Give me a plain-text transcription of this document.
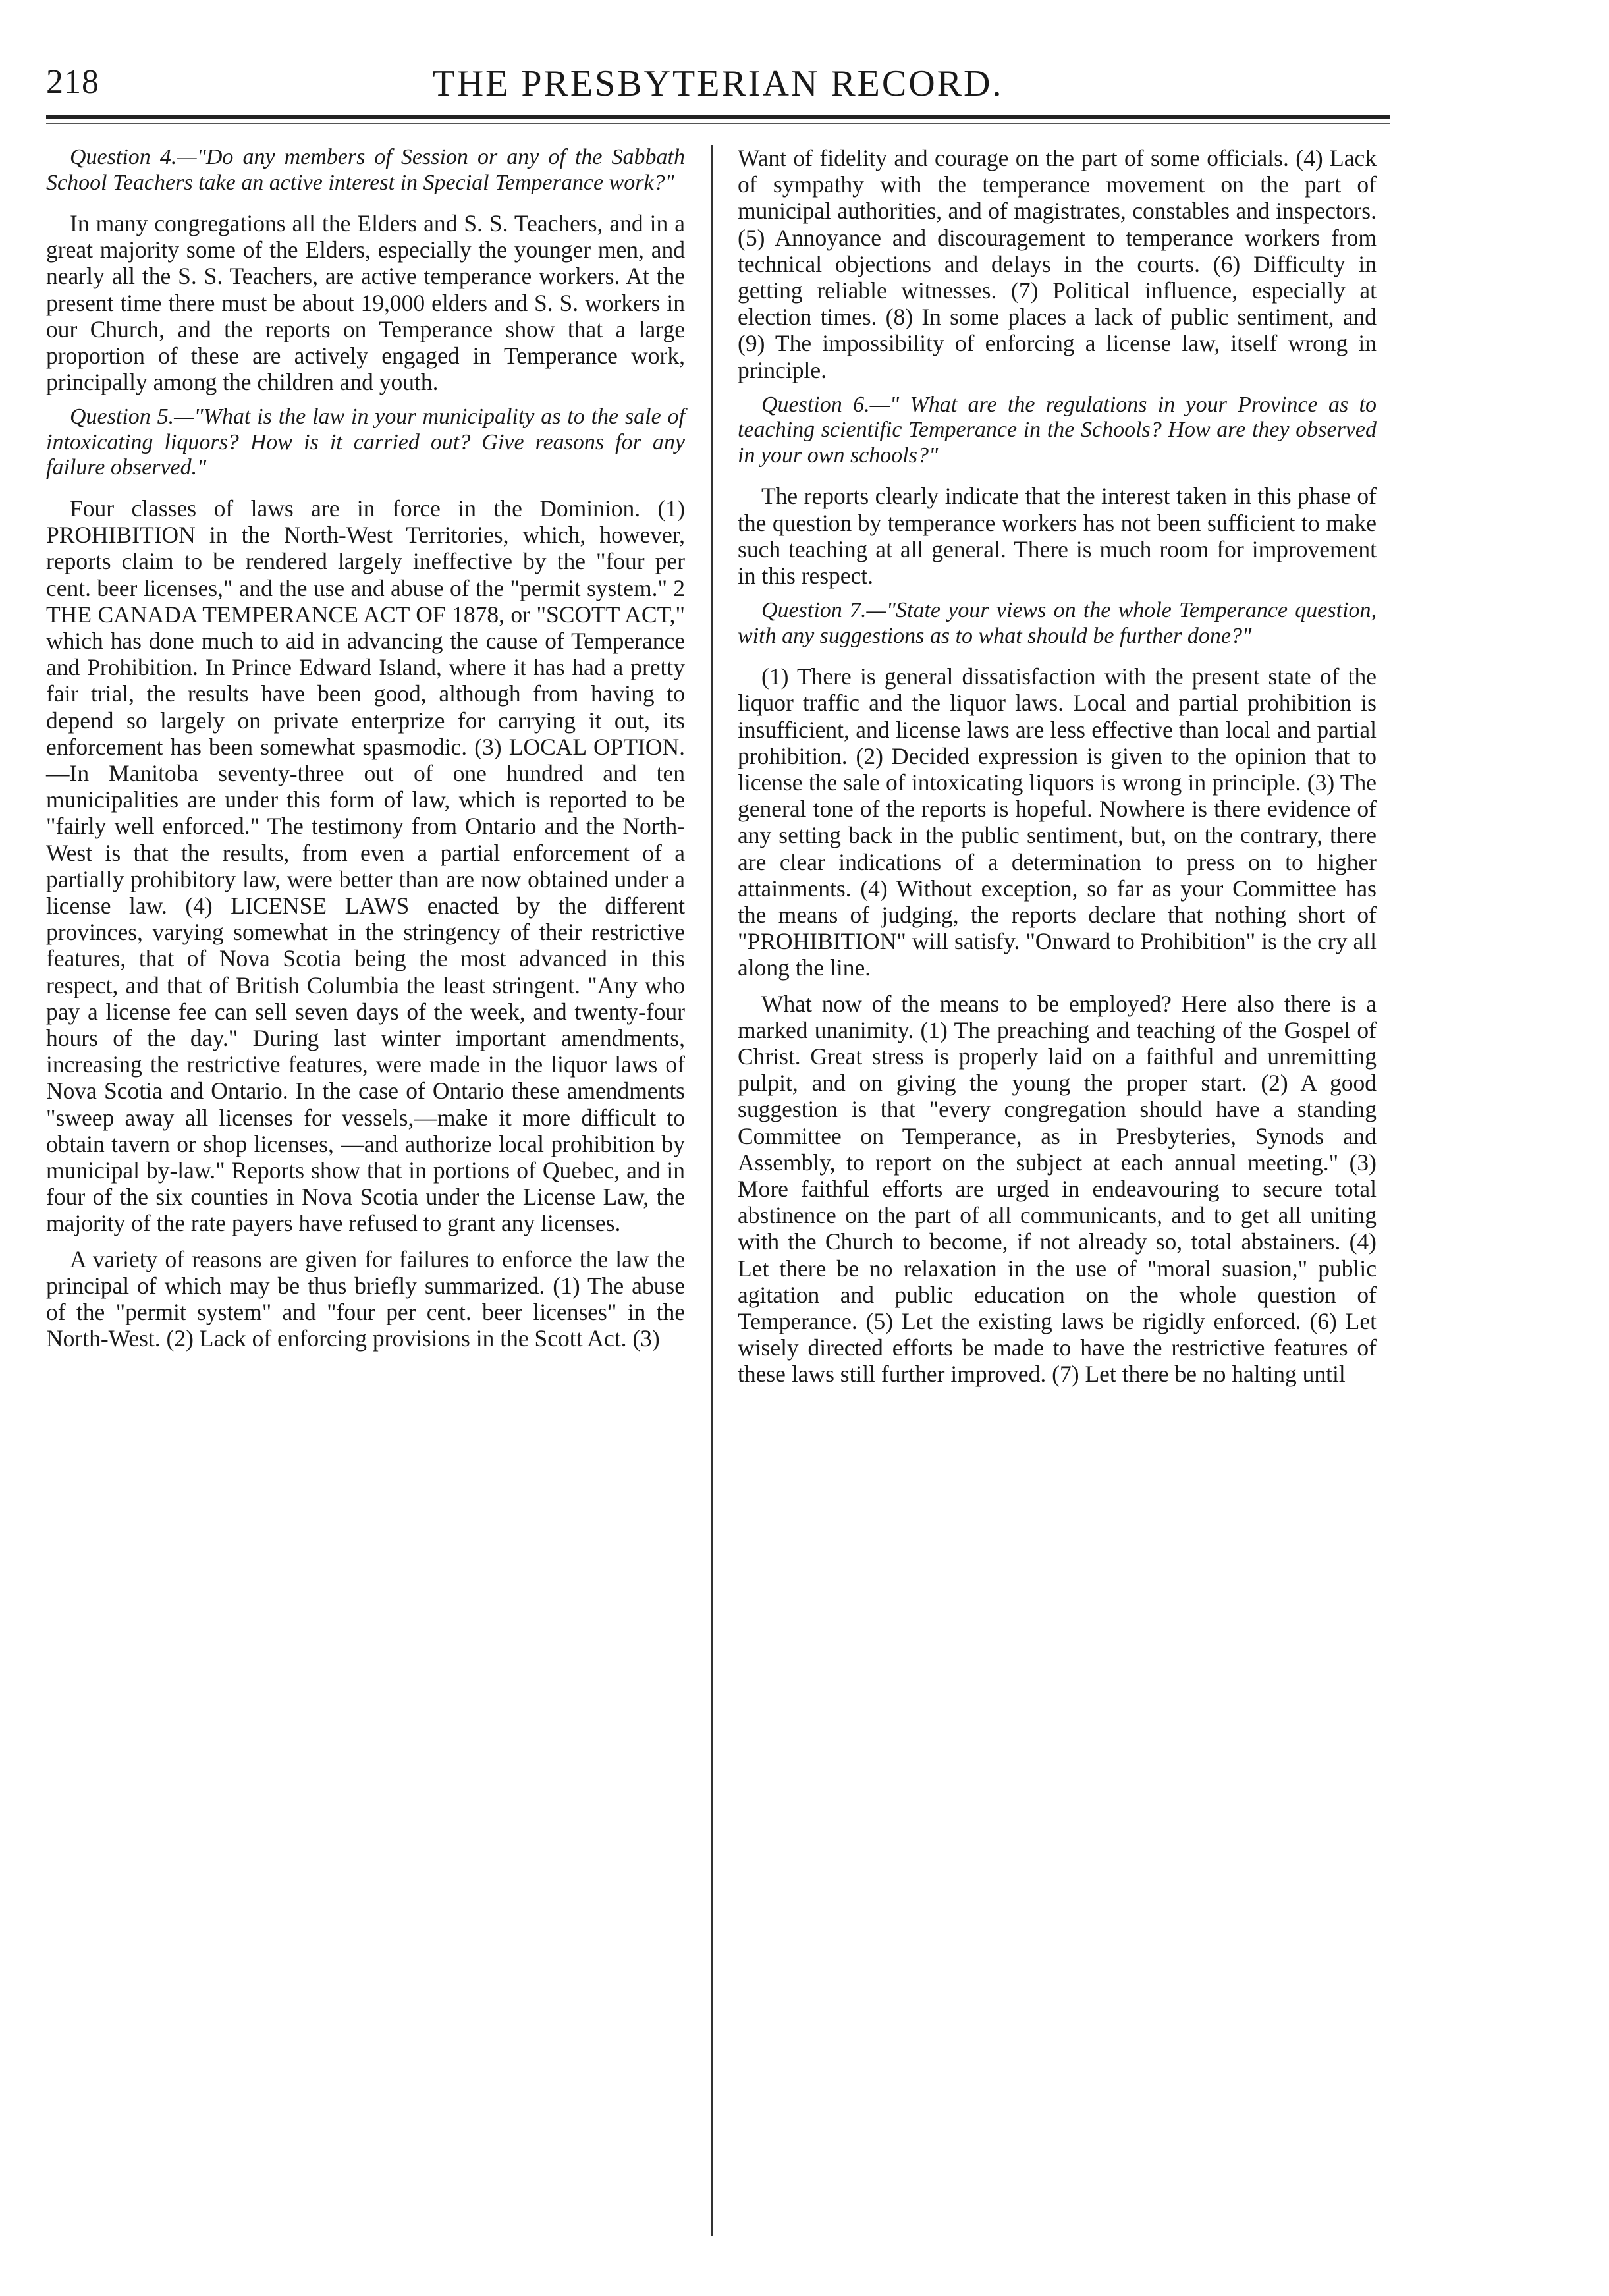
218	THE PRESBYTERIAN RECORD.

Question 4.—"Do any members of Session or any of the Sabbath School Teachers take an active interest in Special Temperance work?"

In many congregations all the Elders and S. S. Teachers, and in a great majority some of the Elders, especially the younger men, and nearly all the S. S. Teachers, are active temperance workers. At the present time there must be about 19,000 elders and S. S. workers in our Church, and the reports on Temperance show that a large proportion of these are actively engaged in Temperance work, principally among the children and youth.

Question 5.—"What is the law in your municipality as to the sale of intoxicating liquors? How is it carried out? Give reasons for any failure observed."

Four classes of laws are in force in the Dominion. (1) PROHIBITION in the North-West Territories, which, however, reports claim to be rendered largely ineffective by the "four per cent. beer licenses," and the use and abuse of the "permit system." 2 THE CANADA TEMPERANCE ACT OF 1878, or "SCOTT ACT," which has done much to aid in advancing the cause of Temperance and Prohibition. In Prince Edward Island, where it has had a pretty fair trial, the results have been good, although from having to depend so largely on private enterprize for carrying it out, its enforcement has been somewhat spasmodic. (3) LOCAL OPTION.—In Manitoba seventy-three out of one hundred and ten municipalities are under this form of law, which is reported to be "fairly well enforced." The testimony from Ontario and the North-West is that the results, from even a partial enforcement of a partially prohibitory law, were better than are now obtained under a license law. (4) LICENSE LAWS enacted by the different provinces, varying somewhat in the stringency of their restrictive features, that of Nova Scotia being the most advanced in this respect, and that of British Columbia the least stringent. "Any who pay a license fee can sell seven days of the week, and twenty-four hours of the day." During last winter important amendments, increasing the restrictive features, were made in the liquor laws of Nova Scotia and Ontario. In the case of Ontario these amendments "sweep away all licenses for vessels,—make it more difficult to obtain tavern or shop licenses, —and authorize local prohibition by municipal by-law." Reports show that in portions of Quebec, and in four of the six counties in Nova Scotia under the License Law, the majority of the rate payers have refused to grant any licenses.

A variety of reasons are given for failures to enforce the law the principal of which may be thus briefly summarized. (1) The abuse of the "permit system" and "four per cent. beer licenses" in the North-West. (2) Lack of enforcing provisions in the Scott Act. (3)

Want of fidelity and courage on the part of some officials. (4) Lack of sympathy with the temperance movement on the part of municipal authorities, and of magistrates, constables and inspectors. (5) Annoyance and discouragement to temperance workers from technical objections and delays in the courts. (6) Difficulty in getting reliable witnesses. (7) Political influence, especially at election times. (8) In some places a lack of public sentiment, and (9) The impossibility of enforcing a license law, itself wrong in principle.

Question 6.—" What are the regulations in your Province as to teaching scientific Temperance in the Schools? How are they observed in your own schools?"

The reports clearly indicate that the interest taken in this phase of the question by temperance workers has not been sufficient to make such teaching at all general. There is much room for improvement in this respect.

Question 7.—"State your views on the whole Temperance question, with any suggestions as to what should be further done?"

(1) There is general dissatisfaction with the present state of the liquor traffic and the liquor laws. Local and partial prohibition is insufficient, and license laws are less effective than local and partial prohibition. (2) Decided expression is given to the opinion that to license the sale of intoxicating liquors is wrong in principle. (3) The general tone of the reports is hopeful. Nowhere is there evidence of any setting back in the public sentiment, but, on the contrary, there are clear indications of a determination to press on to higher attainments. (4) Without exception, so far as your Committee has the means of judging, the reports declare that nothing short of "PROHIBITION" will satisfy. "Onward to Prohibition" is the cry all along the line.

What now of the means to be employed? Here also there is a marked unanimity. (1) The preaching and teaching of the Gospel of Christ. Great stress is properly laid on a faithful and unremitting pulpit, and on giving the young the proper start. (2) A good suggestion is that "every congregation should have a standing Committee on Temperance, as in Presbyteries, Synods and Assembly, to report on the subject at each annual meeting." (3) More faithful efforts are urged in endeavouring to secure total abstinence on the part of all communicants, and to get all uniting with the Church to become, if not already so, total abstainers. (4) Let there be no relaxation in the use of "moral suasion," public agitation and public education on the whole question of Temperance. (5) Let the existing laws be rigidly enforced. (6) Let wisely directed efforts be made to have the restrictive features of these laws still further improved. (7) Let there be no halting until
